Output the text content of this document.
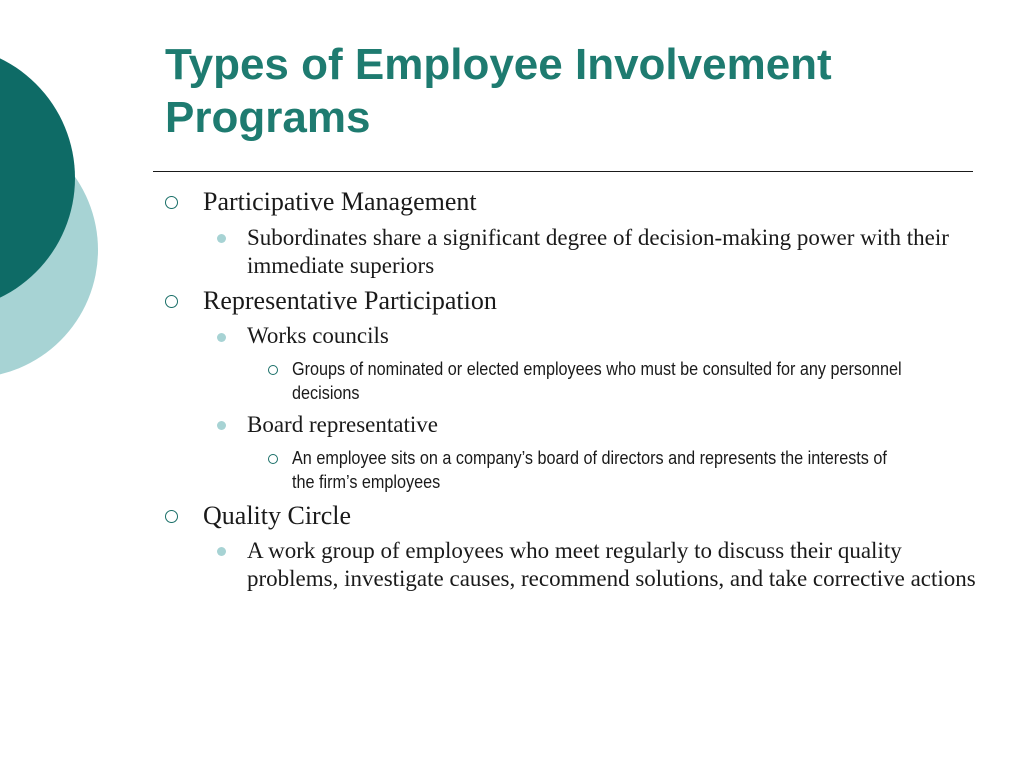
Types of Employee Involvement
Programs
Participative Management
Subordinates share a significant degree of decision-making power with their immediate superiors
Representative Participation
Works councils
Groups of nominated or elected employees who must be consulted for any personnel decisions
Board representative
An employee sits on a company’s board of directors and represents the interests of the firm’s employees
Quality Circle
A work group of employees who meet regularly to discuss their quality problems, investigate causes, recommend solutions, and take corrective actions
